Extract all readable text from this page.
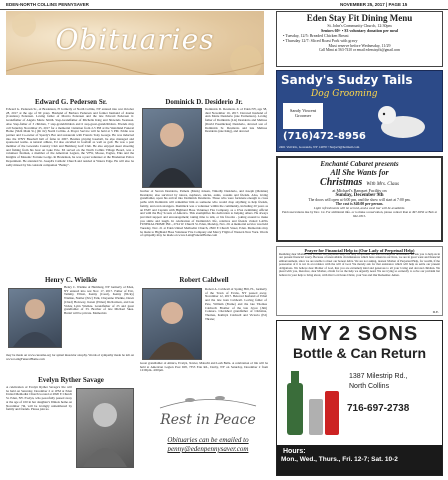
EDEN-NORTH COLLINS PENNYSAVER	NOVEMBER 25, 2017 | PAGE 15
Obituaries
Edward G. Pedersen Sr.
Edward G. Pedersen Sr., of Bradenton, Fl formerly of North Collins, NY entered into rest October 28, 2017 at the age of 90 years. Husband of Barbara Pedersen and former husband of Jeanne (Catalano) Pedersen. Loving father of Marcia Pedersen and the late Edward Pedersen Jr. Grandfather of Angela Marie Smith. Step-Grandfather of Michelle King and Shawnda Swanson. Also Step-father of 3 children, 7 step-grandchildren and 6 step-great-grandchildren. Friends may call Saturday November 25, 2017 for a memorial visitation from 2-5 PM at the Wendland Funeral Home (5624 Main St.) (Rt 62) North Collins. A Prayer Service will be held at 5 PM. Eddie was partner and Co-owner of Sperdy's Bar and restaurant with Francis Tony George. He was inducted into the WNY Baseball hall of fame in 2007. Besides playing baseball, he also managed and sponsored teams. A natural athlete, Ed also excelled in football as well as golf. He was a past member of the Gowanda Country Club and Hamburg Golf Club. He also enjoyed skeet shooting and fishing from his boat on Lake Erie. Ed served on the North Collins Village Board, was a volunteer fireman, a member of the American Legion, the VFW, Moose, Eagles, Elks and the Knights of Masonic Fortune Lodge. In Bradenton, he was a past volunteer at the Bradenton Police Department. He attended St. Joseph's Catholic Church and resided at Waters Edge. He will also be sadly missed by his constant companion "Bailey".
Dominick D. Desiderio Jr.
Dominick D. Desiderio Jr. of Eden NY, age 58, died November 16, 2017. Devoted husband of Ann Marie Desiderio (née Fermenton). Loving father of Dominick (Liz) Desiderio and Melissa (David Pasamickas) Desiderio, devoted son of Dominick Sr. Desiderio and late Melissa Desiderio (née King), and devoted
brother of Steven Desiderio, Pamela (Mark) Jensen, Timothy Desiderio, and Joseph (Melanie) Desiderio; also survived by nieces, nephews, uncles, aunts, cousins and friends. Also, loving grandfather, upon his arrival into Dominick Desiderio. Those who were fortunate enough to cross paths with Dominick will remember him as someone who would drop anything to help friends, family, and even strangers. Dominick was a volunteer within the community, including 20 years as an EMT and Captain with Highland Hose Volunteer Fire Company, as a USA swimming official and with the Boy Scouts of America. This exemplifies his dedication to helping others. He always provided support and encouragement; taking time to talk, or his favorite - joking around to make you smile and laugh. In celebration of Dominick's life, relatives and friends visited LANG FUNERAL HOME INC., 2724 W. Church St. Eden, Monday, Nov. 20. A memorial service was held Tuesday, Nov. 21 at Eden United Methodist Church, 2820 E Church Street, Eden. Memorials may be made to Highland Hose Volunteer Fire Company and Mercy Flight of Western New York. Words of sympathy may be made on www.LaingFuneralHome.com
Henry C. Wielkie
Henry C. Wielkie of Hamburg, NY formerly of Eden, NY entered into rest Nov. 17, 2017. Father of Eric, Tammy, Elliott, Kenny (Carol), Kenny (Nicky) Wielkie, Natiler (Eric) Falk, Cheyenne Wielkie, Dawn (Chad) Holoway, Karen (Elmer) Richardson, and late Vickie Lynn Wielkie. Grandfather of 23 and great grandfather of 33. Brother of late Michael Skea. Burial will be private. Memorials
may be made on www.curesma.org for spinal muscular atrophy. Words of sympathy made be left on www.LaingFuneralHome.com
Evelyn Ryther Savage
A celebration of Evelyn Ryther Savage's life will be held on Saturday, December 2 at 1PM at Eden United Methodist Church located at 2820 E Church St. Eden, NY. Evelyn, who peacefully passed away at the age of 100 in her daughter's Illinois home on November 7th, will be lovingly remembered by family and friends. Please join us.
Robert Caldwell
Robert A. Caldwell of Spring Hill, FL, formerly of the Town of Evans, NY passed away, November 12, 2017. Beloved husband of Ethel and the late Jean Caldwell. Loving father of Pete, William (Elaine) and the late Thomas Caldwell. Brother of the late Joyce (Jim) Connors. Cherished grandfather of Christina, Thomas, Kathryn Caldwell and Victoria (Ed) Thrane;
Great grandfather of Ahnica, Evelyn, Xavier, Malachi and Leah Bella. A celebration of life will be held at American Legion Post 928, 7353 Erie Rd., Derby, NY on Saturday, December 2 from 12:00pm- 4:00pm.
Rest in Peace
Obituaries can be emailed to
penny@edenpennysaver.com
Eden Stay Fit Dining Menu
St. John's Community Church, 12:30pm
Seniors 60+ • $3 voluntary donation per meal
• Tuesday, 12/5: Breaded Chicken Breast
• Thursday 12/7: Sliced Roast Pork with gravy
Must reserve before Wednesday, 11/29
Call Mimi at 563-7410 or email edenstayfit@gmail.com
Sandy's Sudzy Tails
Dog Grooming
Sandy Vincent
Groomer
(716)472-8956
2461 Vail Rd., Gowanda, NY 14070 • Surjac3@hotmail.com
Enchanté Cabaret presents
All She Wants for
Christmas With Mrs. Claus
at Michael's Banquet Facility on
Sunday, December 9th
The doors will open at 6:00 pm, and the show will start at 7:00 pm.
The cost is $40.00 per person.
Light refreshments will be served, and a cash bar will be available.
Paid reservations due by Dec. 1st. For additional info. or to make a reservation, please contact Ron at 497-9250 or Bob at 662-1815.
Prayer for Financial Help to (Our Lady of Perpetual Help)
Realizing dear Mother, that you are our perpetual help, not only in spiritual but also in temporal necessities, we ask you to help us in our present financial worry. Because of unavoidable circumstances which have arisen in our lives, we are in great want and financial embarrassment, since we are unable to meet our honest debts. We are not asking, dearest Mother of Perpetual Help, for wealth, if the possession of it is not in accordance with the will of God. We merely ask for that assistance which will help us settle our present obligations. We believe dear Mother of God, that you are extremely kind and generous to all your loving and devoted children. We plead with you, therefore, dear Mother, obtain for us the help we urgently need. We are trying so earnestly to solve our problem but believe in your help to bring about, with Our Lord Jesus Christ, your Son and Our Redeemer. Amen.
D.E.
MY 2 SONS
Bottle & Can Return
1387 Milestrip Rd.,
North Collins
716-697-2738
Hours:
Mon., Wed., Thurs., Fri. 12-7; Sat. 10-2
